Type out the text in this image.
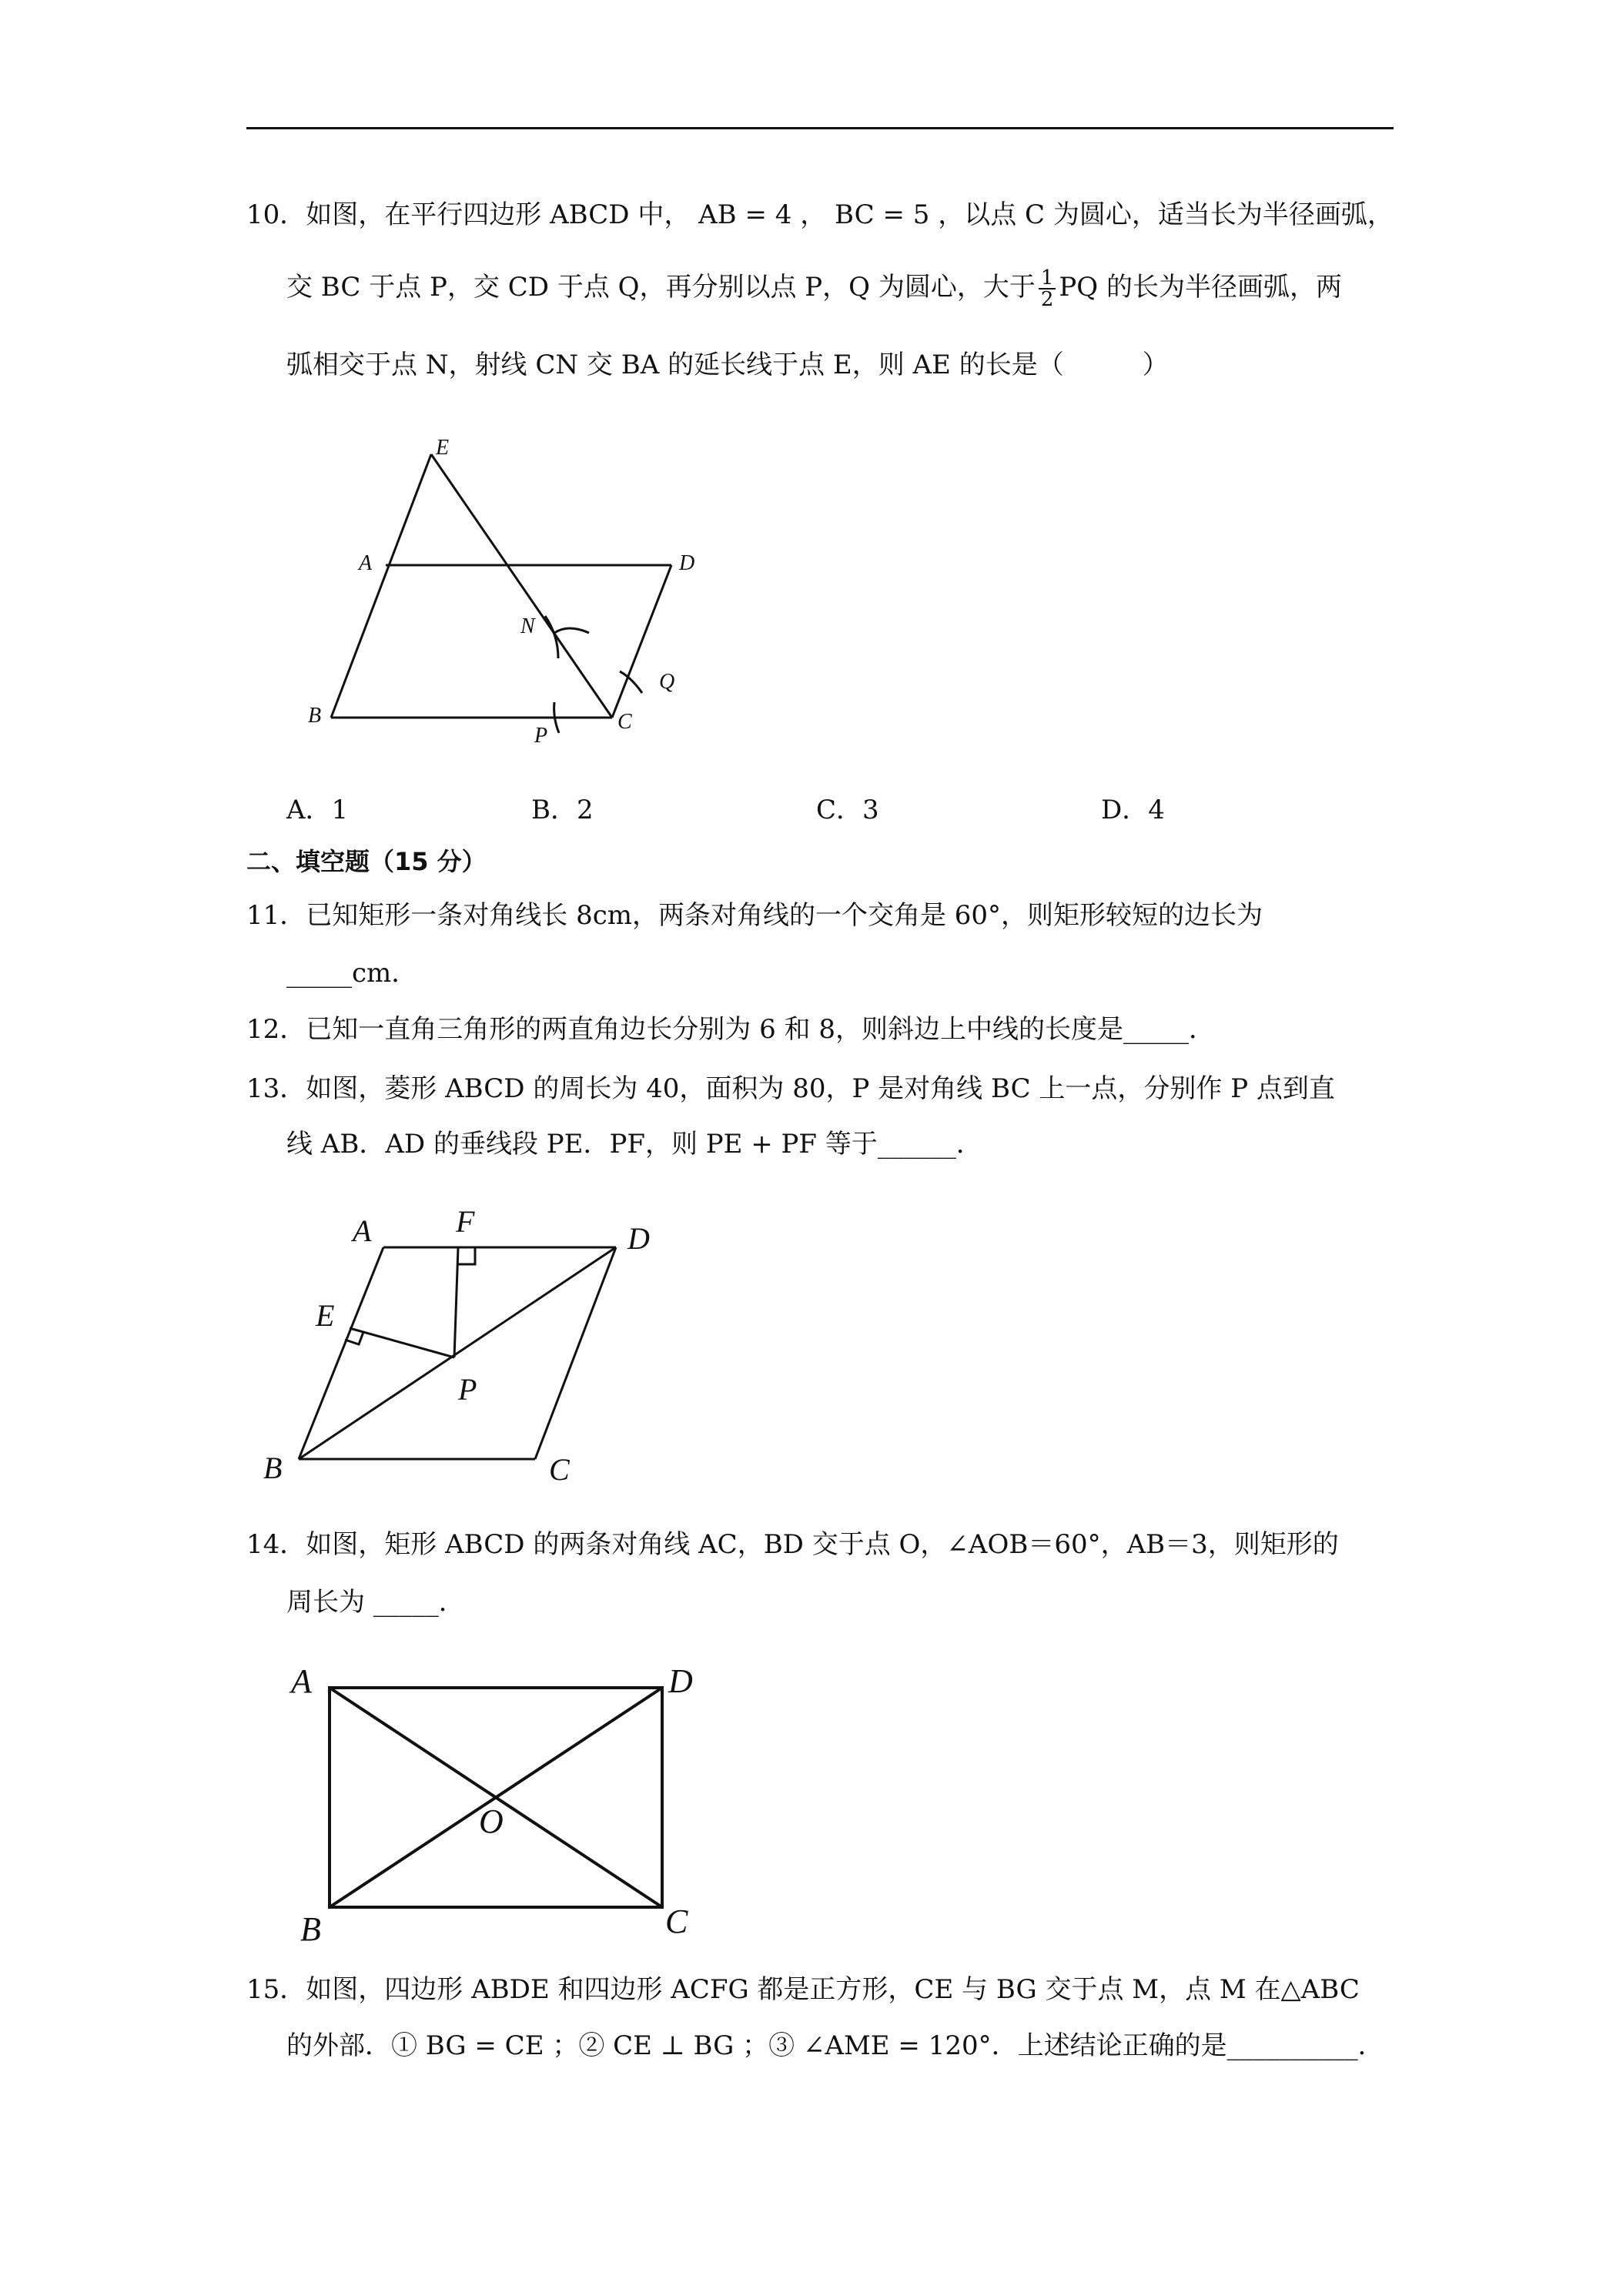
10．如图，在平行四边形 ABCD 中， AB = 4 ， BC = 5 ，以点 C 为圆心，适当长为半径画弧，
交 BC 于点 P，交 CD 于点 Q，再分别以点 P，Q 为圆心，大于 $\frac{1}{2}$ PQ 的长为半径画弧，两
弧相交于点 N，射线 CN 交 BA 的延长线于点 E，则 AE 的长是（　　　）
E
A	D
N
Q
B
P
C
A．1	B．2	C．3	D．4
二、填空题（15 分）
11．已知矩形一条对角线长 8cm，两条对角线的一个交角是 60°，则矩形较短的边长为
_____cm．
12．已知一直角三角形的两直角边长分别为 6 和 8，则斜边上中线的长度是_____．
13．如图，菱形 ABCD 的周长为 40，面积为 80，P 是对角线 BC 上一点，分别作 P 点到直
线 AB．AD 的垂线段 PE．PF，则 PE + PF 等于______．
A	F	D
E
P
B	C
14．如图，矩形 ABCD 的两条对角线 AC，BD 交于点 O，∠AOB＝60°，AB＝3，则矩形的
周长为 _____．
A	D
O
B	C
15．如图，四边形 ABDE 和四边形 ACFG 都是正方形，CE 与 BG 交于点 M，点 M 在△ABC
的外部．① BG = CE ；② CE ⊥ BG ；③ ∠AME = 120°．上述结论正确的是__________．
